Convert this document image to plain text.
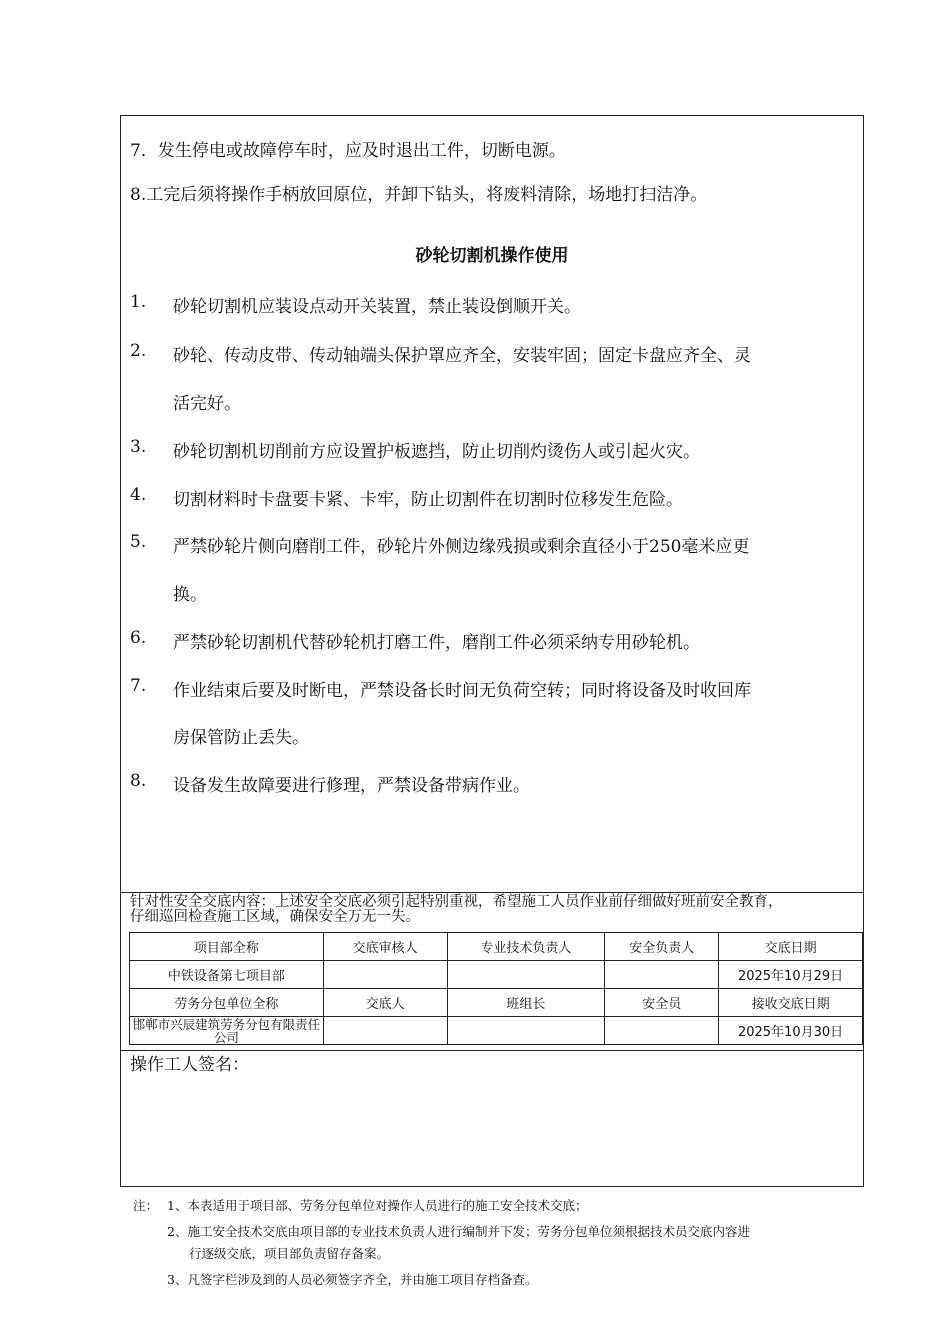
7．发生停电或故障停车时，应及时退出工件，切断电源。
8.工完后须将操作手柄放回原位，并卸下钻头，将废料清除，场地打扫洁净。
砂轮切割机操作使用
1. 砂轮切割机应装设点动开关装置，禁止装设倒顺开关。
2. 砂轮、传动皮带、传动轴端头保护罩应齐全，安装牢固；固定卡盘应齐全、灵
活完好。
3. 砂轮切割机切削前方应设置护板遮挡，防止切削灼烫伤人或引起火灾。
4. 切割材料时卡盘要卡紧、卡牢，防止切割件在切割时位移发生危险。
5. 严禁砂轮片侧向磨削工件，砂轮片外侧边缘残损或剩余直径小于250毫米应更
换。
6. 严禁砂轮切割机代替砂轮机打磨工件，磨削工件必须采纳专用砂轮机。
7. 作业结束后要及时断电，严禁设备长时间无负荷空转；同时将设备及时收回库
房保管防止丢失。
8. 设备发生故障要进行修理，严禁设备带病作业。
针对性安全交底内容：上述安全交底必须引起特别重视，希望施工人员作业前仔细做好班前安全教育，
仔细巡回检查施工区域，确保安全万无一失。
项目部全称	交底审核人	专业技术负责人	安全负责人	交底日期
中铁设备第七项目部				2025年10月29日
劳务分包单位全称	交底人	班组长	安全员	接收交底日期
邯郸市兴辰建筑劳务分包有限责任公司				2025年10月30日
操作工人签名：
注： 1、本表适用于项目部、劳务分包单位对操作人员进行的施工安全技术交底；
2、施工安全技术交底由项目部的专业技术负责人进行编制并下发；劳务分包单位须根据技术员交底内容进
行逐级交底，项目部负责留存备案。
3、凡签字栏涉及到的人员必须签字齐全，并由施工项目存档备查。
